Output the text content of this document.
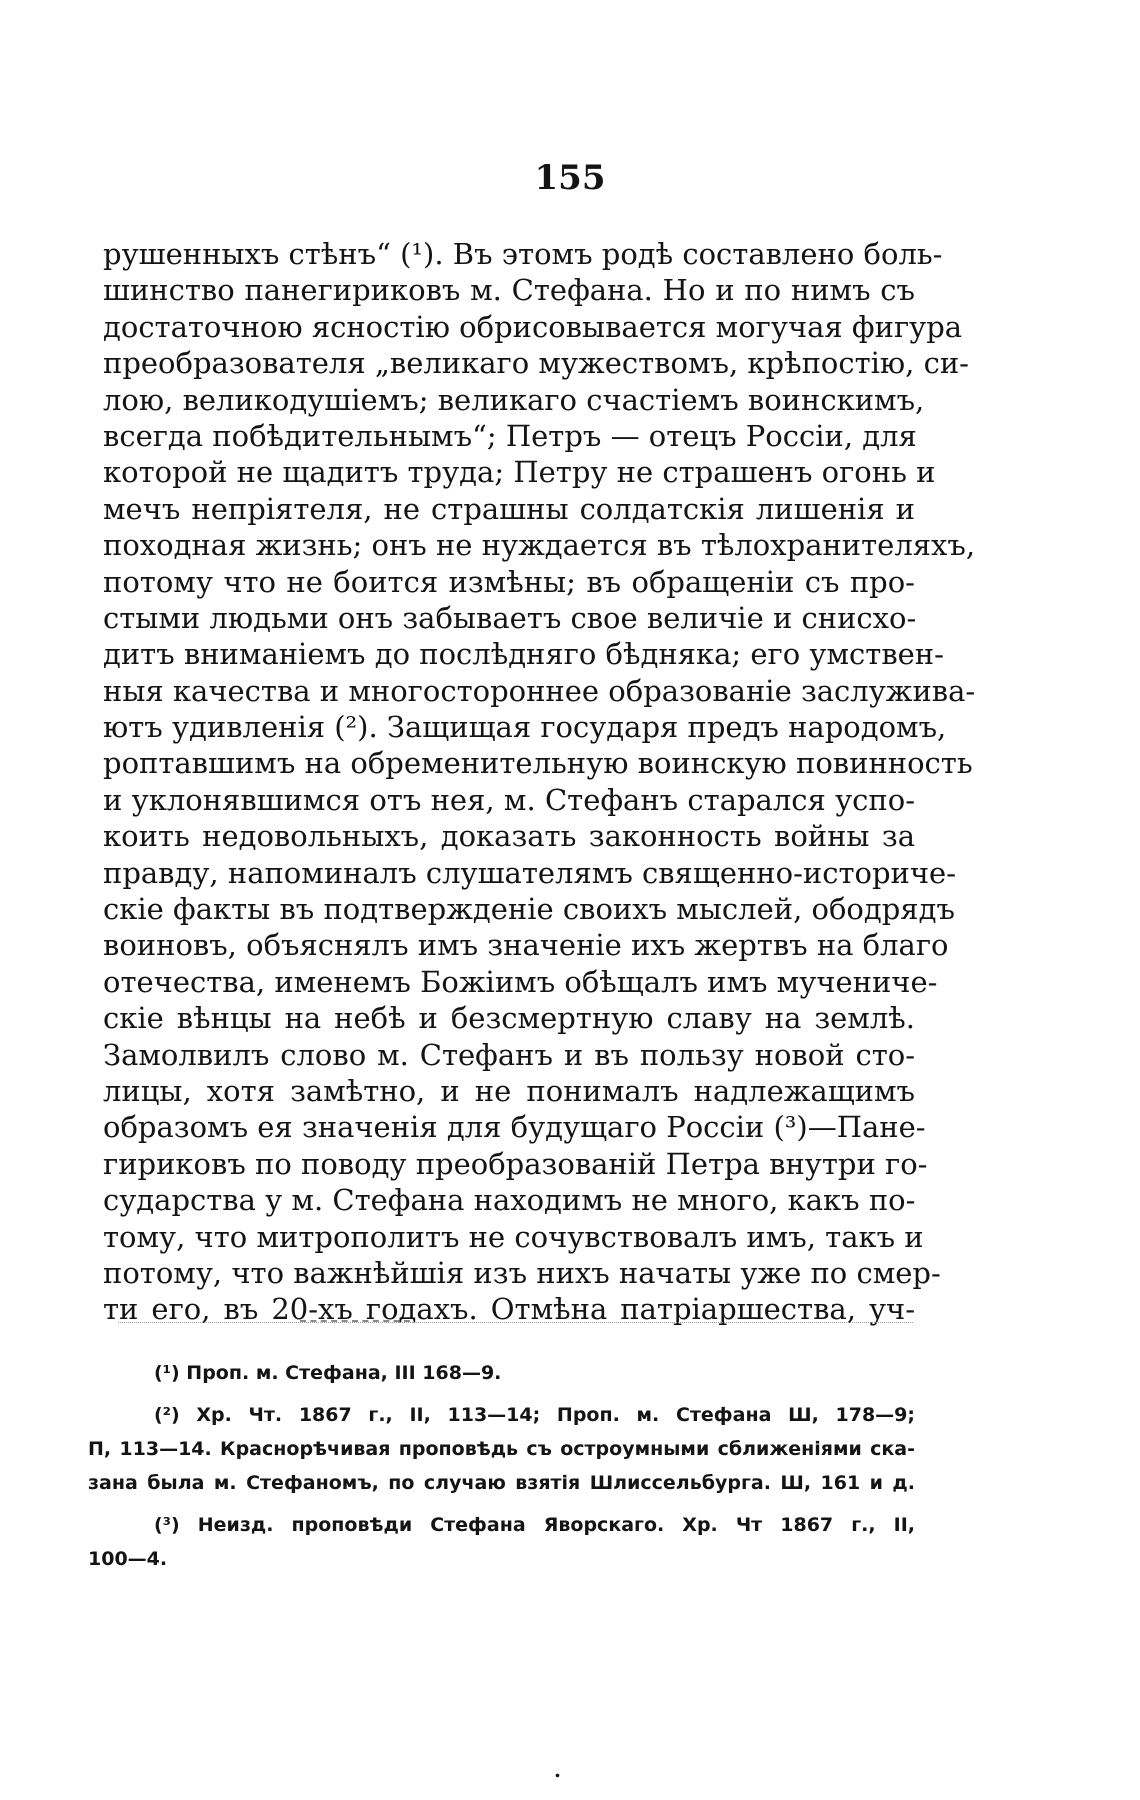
155
рушенныхъ стѣнъ“ (¹). Въ этомъ родѣ составлено боль-
шинство панегириковъ м. Стефана. Но и по нимъ съ
достаточною ясностію обрисовывается могучая фигура
преобразователя „великаго мужествомъ, крѣпостію, си-
лою, великодушіемъ; великаго счастіемъ воинскимъ,
всегда побѣдительнымъ“; Петръ — отецъ Россіи, для
которой не щадитъ труда; Петру не страшенъ огонь и
мечъ непріятеля, не страшны солдатскія лишенія и
походная жизнь; онъ не нуждается въ тѣлохранителяхъ,
потому что не боится измѣны; въ обращеніи съ про-
стыми людьми онъ забываетъ свое величіе и снисхо-
дитъ вниманіемъ до послѣдняго бѣдняка; его умствен-
ныя качества и многостороннее образованіе заслуживa-
ютъ удивленія (²). Защищая государя предъ народомъ,
роптавшимъ на обременительную воинскую повинность
и уклонявшимся отъ нея, м. Стефанъ старался успо-
коить недовольныхъ, доказать законность войны за
правду, напоминалъ слушателямъ священно-историче-
скіе факты въ подтвержденіе своихъ мыслей, ободрядъ
воиновъ, объяснялъ имъ значеніе ихъ жертвъ на благо
отечества, именемъ Божіимъ обѣщалъ имъ мучениче-
скіе вѣнцы на небѣ и безсмертную славу на землѣ.
Замолвилъ слово м. Стефанъ и въ пользу новой сто-
лицы, хотя замѣтно, и не понималъ надлежащимъ
образомъ ея значенія для будущаго Россіи (³)—Пане-
гириковъ по поводу преобразованій Петра внутри го-
сударства у м. Стефана находимъ не много, какъ по-
тому, что митрополитъ не сочувствовалъ имъ, такъ и
потому, что важнѣйшія изъ нихъ начаты уже по смер-
ти его, въ 20-хъ годахъ. Отмѣна патріаршества, уч-
(¹) Проп. м. Стефана, III 168—9.
(²) Хр. Чт. 1867 г., II, 113—14; Проп. м. Стефана Ш, 178—9;
П, 113—14. Краснорѣчивая проповѣдь съ остроумными сближеніями ска-
зана была м. Стефаномъ, по случаю взятія Шлиссельбурга. Ш, 161 и д.
(³) Неизд. проповѣди Стефана Яворскаго. Хр. Чт 1867 г., II,
100—4.
.
